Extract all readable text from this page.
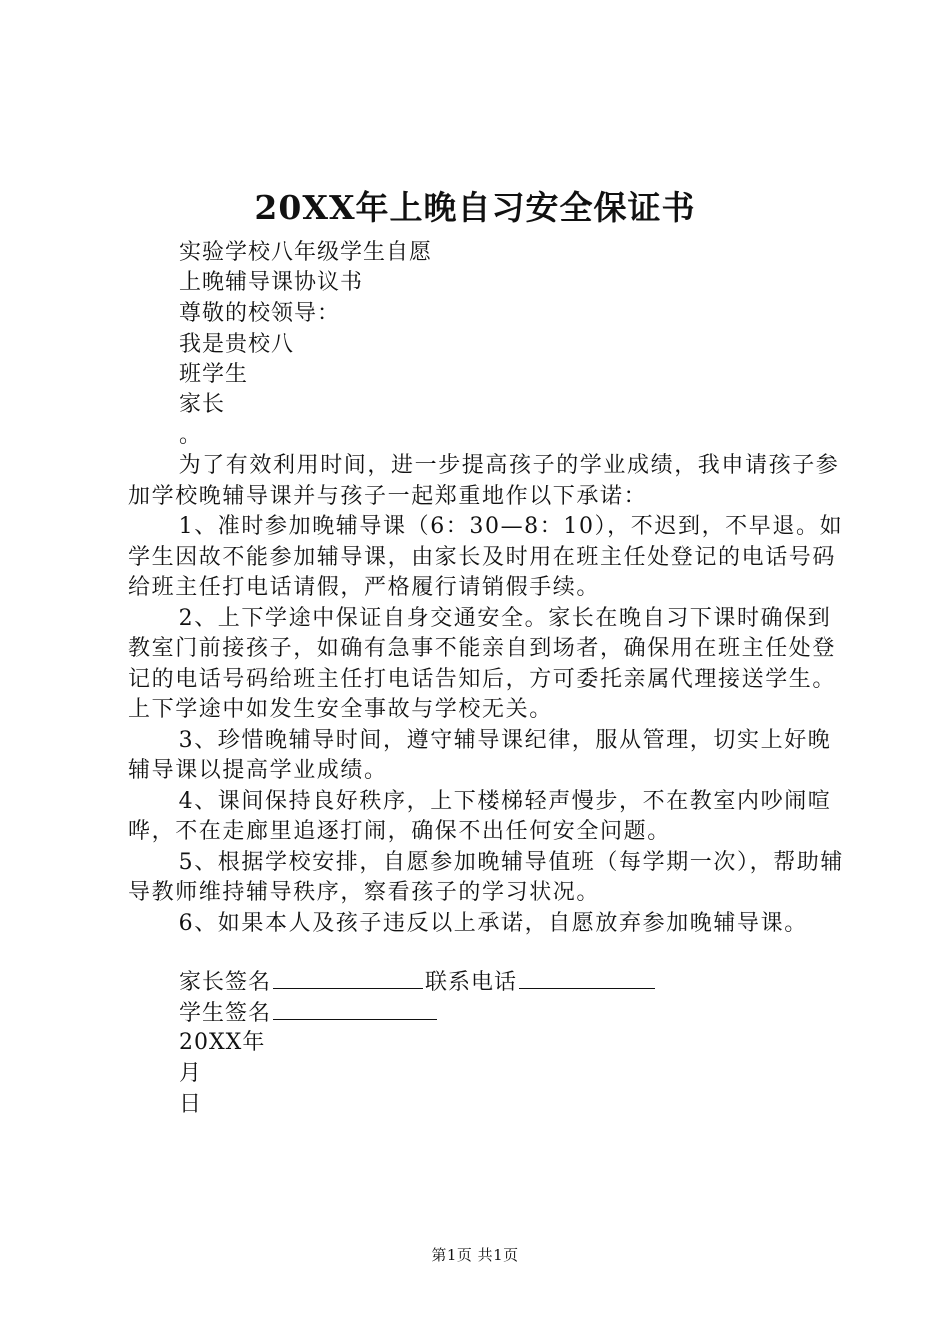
20XX年上晚自习安全保证书
实验学校八年级学生自愿
上晚辅导课协议书
尊敬的校领导：
我是贵校八
班学生
家长
。

为了有效利用时间，进一步提高孩子的学业成绩，我申请孩子参加学校晚辅导课并与孩子一起郑重地作以下承诺：

1、准时参加晚辅导课（6：30—8：10），不迟到，不早退。如学生因故不能参加辅导课，由家长及时用在班主任处登记的电话号码给班主任打电话请假，严格履行请销假手续。

2、上下学途中保证自身交通安全。家长在晚自习下课时确保到教室门前接孩子，如确有急事不能亲自到场者，确保用在班主任处登记的电话号码给班主任打电话告知后，方可委托亲属代理接送学生。上下学途中如发生安全事故与学校无关。

3、珍惜晚辅导时间，遵守辅导课纪律，服从管理，切实上好晚辅导课以提高学业成绩。

4、课间保持良好秩序，上下楼梯轻声慢步，不在教室内吵闹喧哗，不在走廊里追逐打闹，确保不出任何安全问题。

5、根据学校安排，自愿参加晚辅导值班（每学期一次），帮助辅导教师维持辅导秩序，察看孩子的学习状况。

6、如果本人及孩子违反以上承诺，自愿放弃参加晚辅导课。

家长签名	联系电话
学生签名
20XX年
月
日
第1页 共1页
